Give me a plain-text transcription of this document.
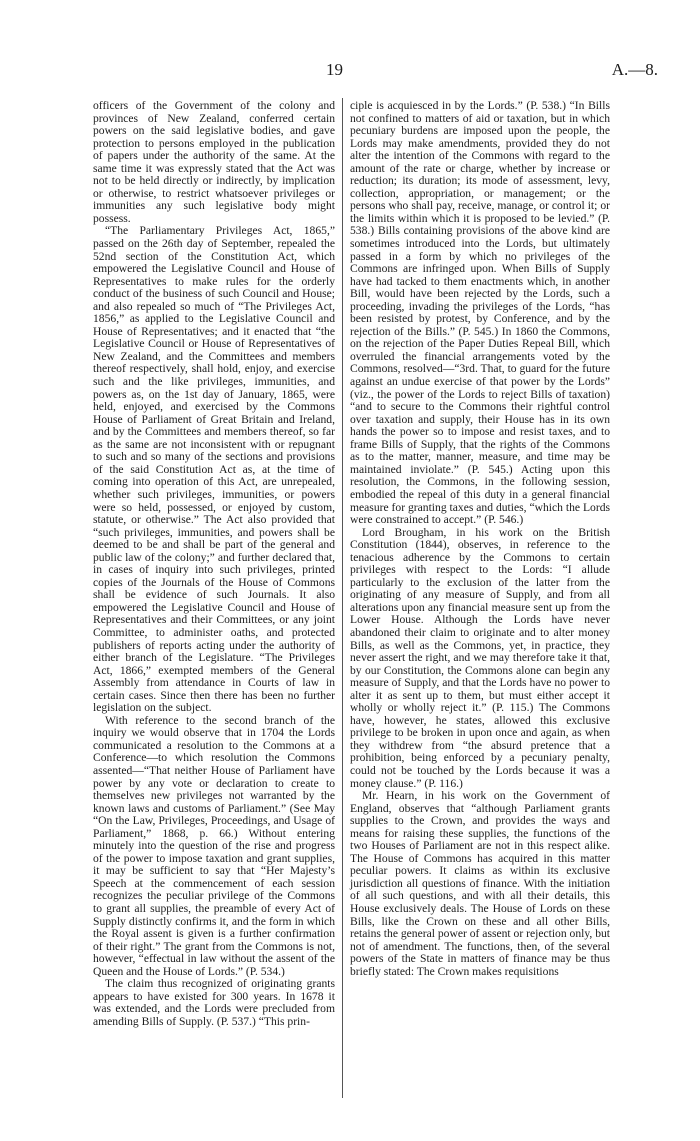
19	A.—8.

officers of the Government of the colony and provinces of New Zealand, conferred certain powers on the said legislative bodies, and gave protection to persons employed in the publication of papers under the authority of the same. At the same time it was expressly stated that the Act was not to be held directly or indirectly, by implication or otherwise, to restrict whatsoever privileges or immunities any such legislative body might possess.

“The Parliamentary Privileges Act, 1865,” passed on the 26th day of September, repealed the 52nd section of the Constitution Act, which empowered the Legislative Council and House of Representatives to make rules for the orderly conduct of the business of such Council and House; and also repealed so much of “The Privileges Act, 1856,” as applied to the Legislative Council and House of Representatives; and it enacted that “the Legislative Council or House of Representatives of New Zealand, and the Committees and members thereof respectively, shall hold, enjoy, and exercise such and the like privileges, immunities, and powers as, on the 1st day of January, 1865, were held, enjoyed, and exercised by the Commons House of Parliament of Great Britain and Ireland, and by the Committees and members thereof, so far as the same are not inconsistent with or repugnant to such and so many of the sections and provisions of the said Constitution Act as, at the time of coming into operation of this Act, are unrepealed, whether such privileges, immunities, or powers were so held, possessed, or enjoyed by custom, statute, or otherwise.” The Act also provided that “such privileges, immunities, and powers shall be deemed to be and shall be part of the general and public law of the colony;” and further declared that, in cases of inquiry into such privileges, printed copies of the Journals of the House of Commons shall be evidence of such Journals. It also empowered the Legislative Council and House of Representatives and their Committees, or any joint Committee, to administer oaths, and protected publishers of reports acting under the authority of either branch of the Legislature. “The Privileges Act, 1866,” exempted members of the General Assembly from attendance in Courts of law in certain cases. Since then there has been no further legislation on the subject.

With reference to the second branch of the inquiry we would observe that in 1704 the Lords communicated a resolution to the Commons at a Conference—to which resolution the Commons assented—“That neither House of Parliament have power by any vote or declaration to create to themselves new privileges not warranted by the known laws and customs of Parliament.” (See May “On the Law, Privileges, Proceedings, and Usage of Parliament,” 1868, p. 66.) Without entering minutely into the question of the rise and progress of the power to impose taxation and grant supplies, it may be sufficient to say that “Her Majesty’s Speech at the commencement of each session recognizes the peculiar privilege of the Commons to grant all supplies, the preamble of every Act of Supply distinctly confirms it, and the form in which the Royal assent is given is a further confirmation of their right.” The grant from the Commons is not, however, “effectual in law without the assent of the Queen and the House of Lords.” (P. 534.)

The claim thus recognized of originating grants appears to have existed for 300 years. In 1678 it was extended, and the Lords were precluded from amending Bills of Supply. (P. 537.) “This prin-

ciple is acquiesced in by the Lords.” (P. 538.) “In Bills not confined to matters of aid or taxation, but in which pecuniary burdens are imposed upon the people, the Lords may make amendments, provided they do not alter the intention of the Commons with regard to the amount of the rate or charge, whether by increase or reduction; its duration; its mode of assessment, levy, collection, appropriation, or management; or the persons who shall pay, receive, manage, or control it; or the limits within which it is proposed to be levied.” (P. 538.) Bills containing provisions of the above kind are sometimes introduced into the Lords, but ultimately passed in a form by which no privileges of the Commons are infringed upon. When Bills of Supply have had tacked to them enactments which, in another Bill, would have been rejected by the Lords, such a proceeding, invading the privileges of the Lords, “has been resisted by protest, by Conference, and by the rejection of the Bills.” (P. 545.) In 1860 the Commons, on the rejection of the Paper Duties Repeal Bill, which overruled the financial arrangements voted by the Commons, resolved—“3rd. That, to guard for the future against an undue exercise of that power by the Lords” (viz., the power of the Lords to reject Bills of taxation) “and to secure to the Commons their rightful control over taxation and supply, their House has in its own hands the power so to impose and resist taxes, and to frame Bills of Supply, that the rights of the Commons as to the matter, manner, measure, and time may be maintained inviolate.” (P. 545.) Acting upon this resolution, the Commons, in the following session, embodied the repeal of this duty in a general financial measure for granting taxes and duties, “which the Lords were constrained to accept.” (P. 546.)

Lord Brougham, in his work on the British Constitution (1844), observes, in reference to the tenacious adherence by the Commons to certain privileges with respect to the Lords: “I allude particularly to the exclusion of the latter from the originating of any measure of Supply, and from all alterations upon any financial measure sent up from the Lower House. Although the Lords have never abandoned their claim to originate and to alter money Bills, as well as the Commons, yet, in practice, they never assert the right, and we may therefore take it that, by our Constitution, the Commons alone can begin any measure of Supply, and that the Lords have no power to alter it as sent up to them, but must either accept it wholly or wholly reject it.” (P. 115.) The Commons have, however, he states, allowed this exclusive privilege to be broken in upon once and again, as when they withdrew from “the absurd pretence that a prohibition, being enforced by a pecuniary penalty, could not be touched by the Lords because it was a money clause.” (P. 116.)

Mr. Hearn, in his work on the Government of England, observes that “although Parliament grants supplies to the Crown, and provides the ways and means for raising these supplies, the functions of the two Houses of Parliament are not in this respect alike. The House of Commons has acquired in this matter peculiar powers. It claims as within its exclusive jurisdiction all questions of finance. With the initiation of all such questions, and with all their details, this House exclusively deals. The House of Lords on these Bills, like the Crown on these and all other Bills, retains the general power of assent or rejection only, but not of amendment. The functions, then, of the several powers of the State in matters of finance may be thus briefly stated: The Crown makes requisitions
